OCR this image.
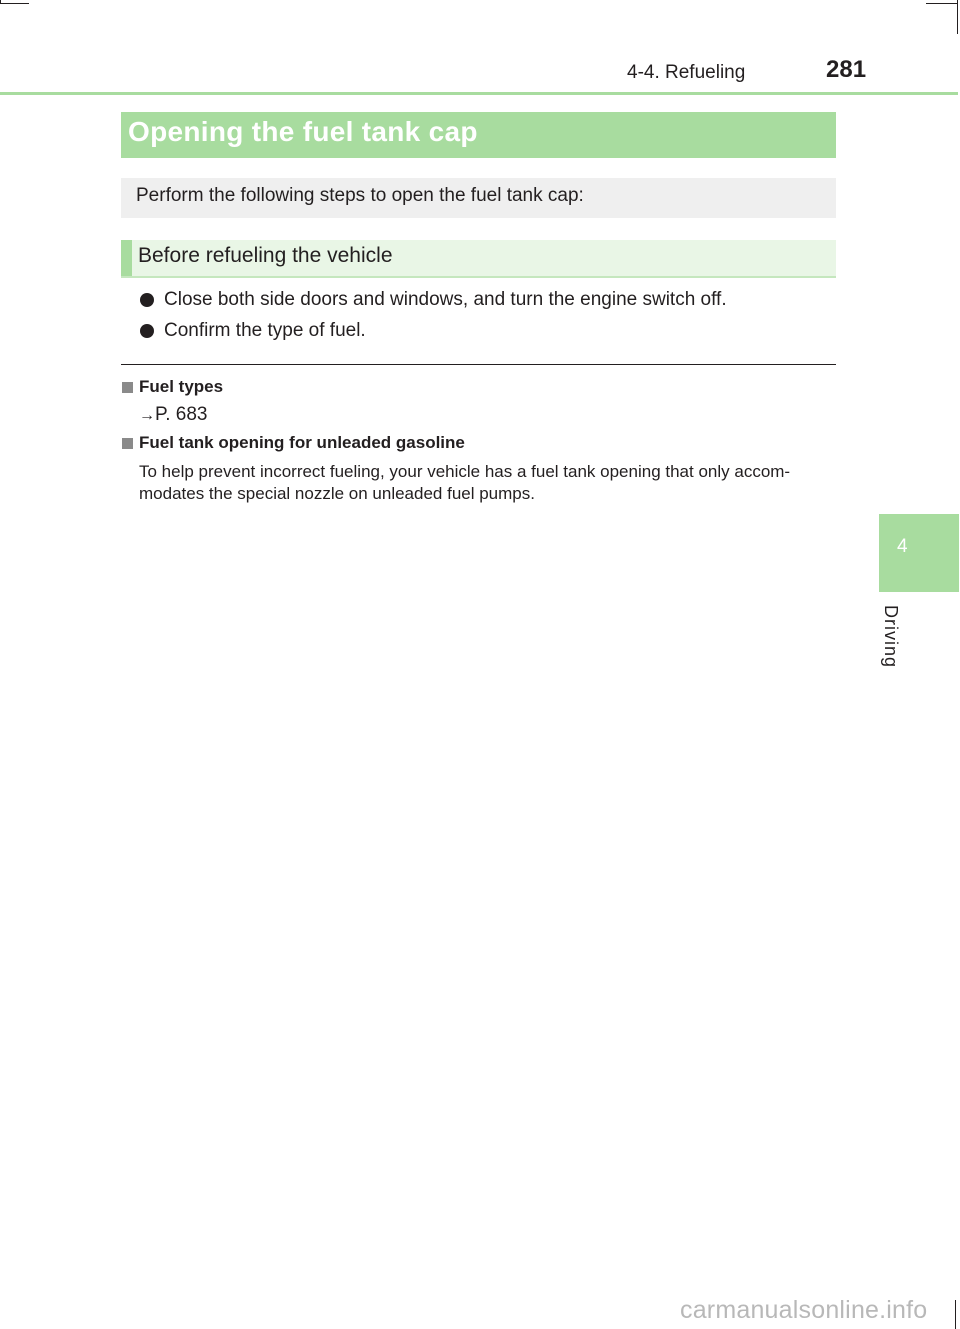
4-4. Refueling	281
4
Driving
Opening the fuel tank cap
Perform the following steps to open the fuel tank cap:
Before refueling the vehicle
Close both side doors and windows, and turn the engine switch off.
Confirm the type of fuel.
Fuel types
→P. 683
Fuel tank opening for unleaded gasoline
To help prevent incorrect fueling, your vehicle has a fuel tank opening that only accom-modates the special nozzle on unleaded fuel pumps.
carmanualsonline.info
